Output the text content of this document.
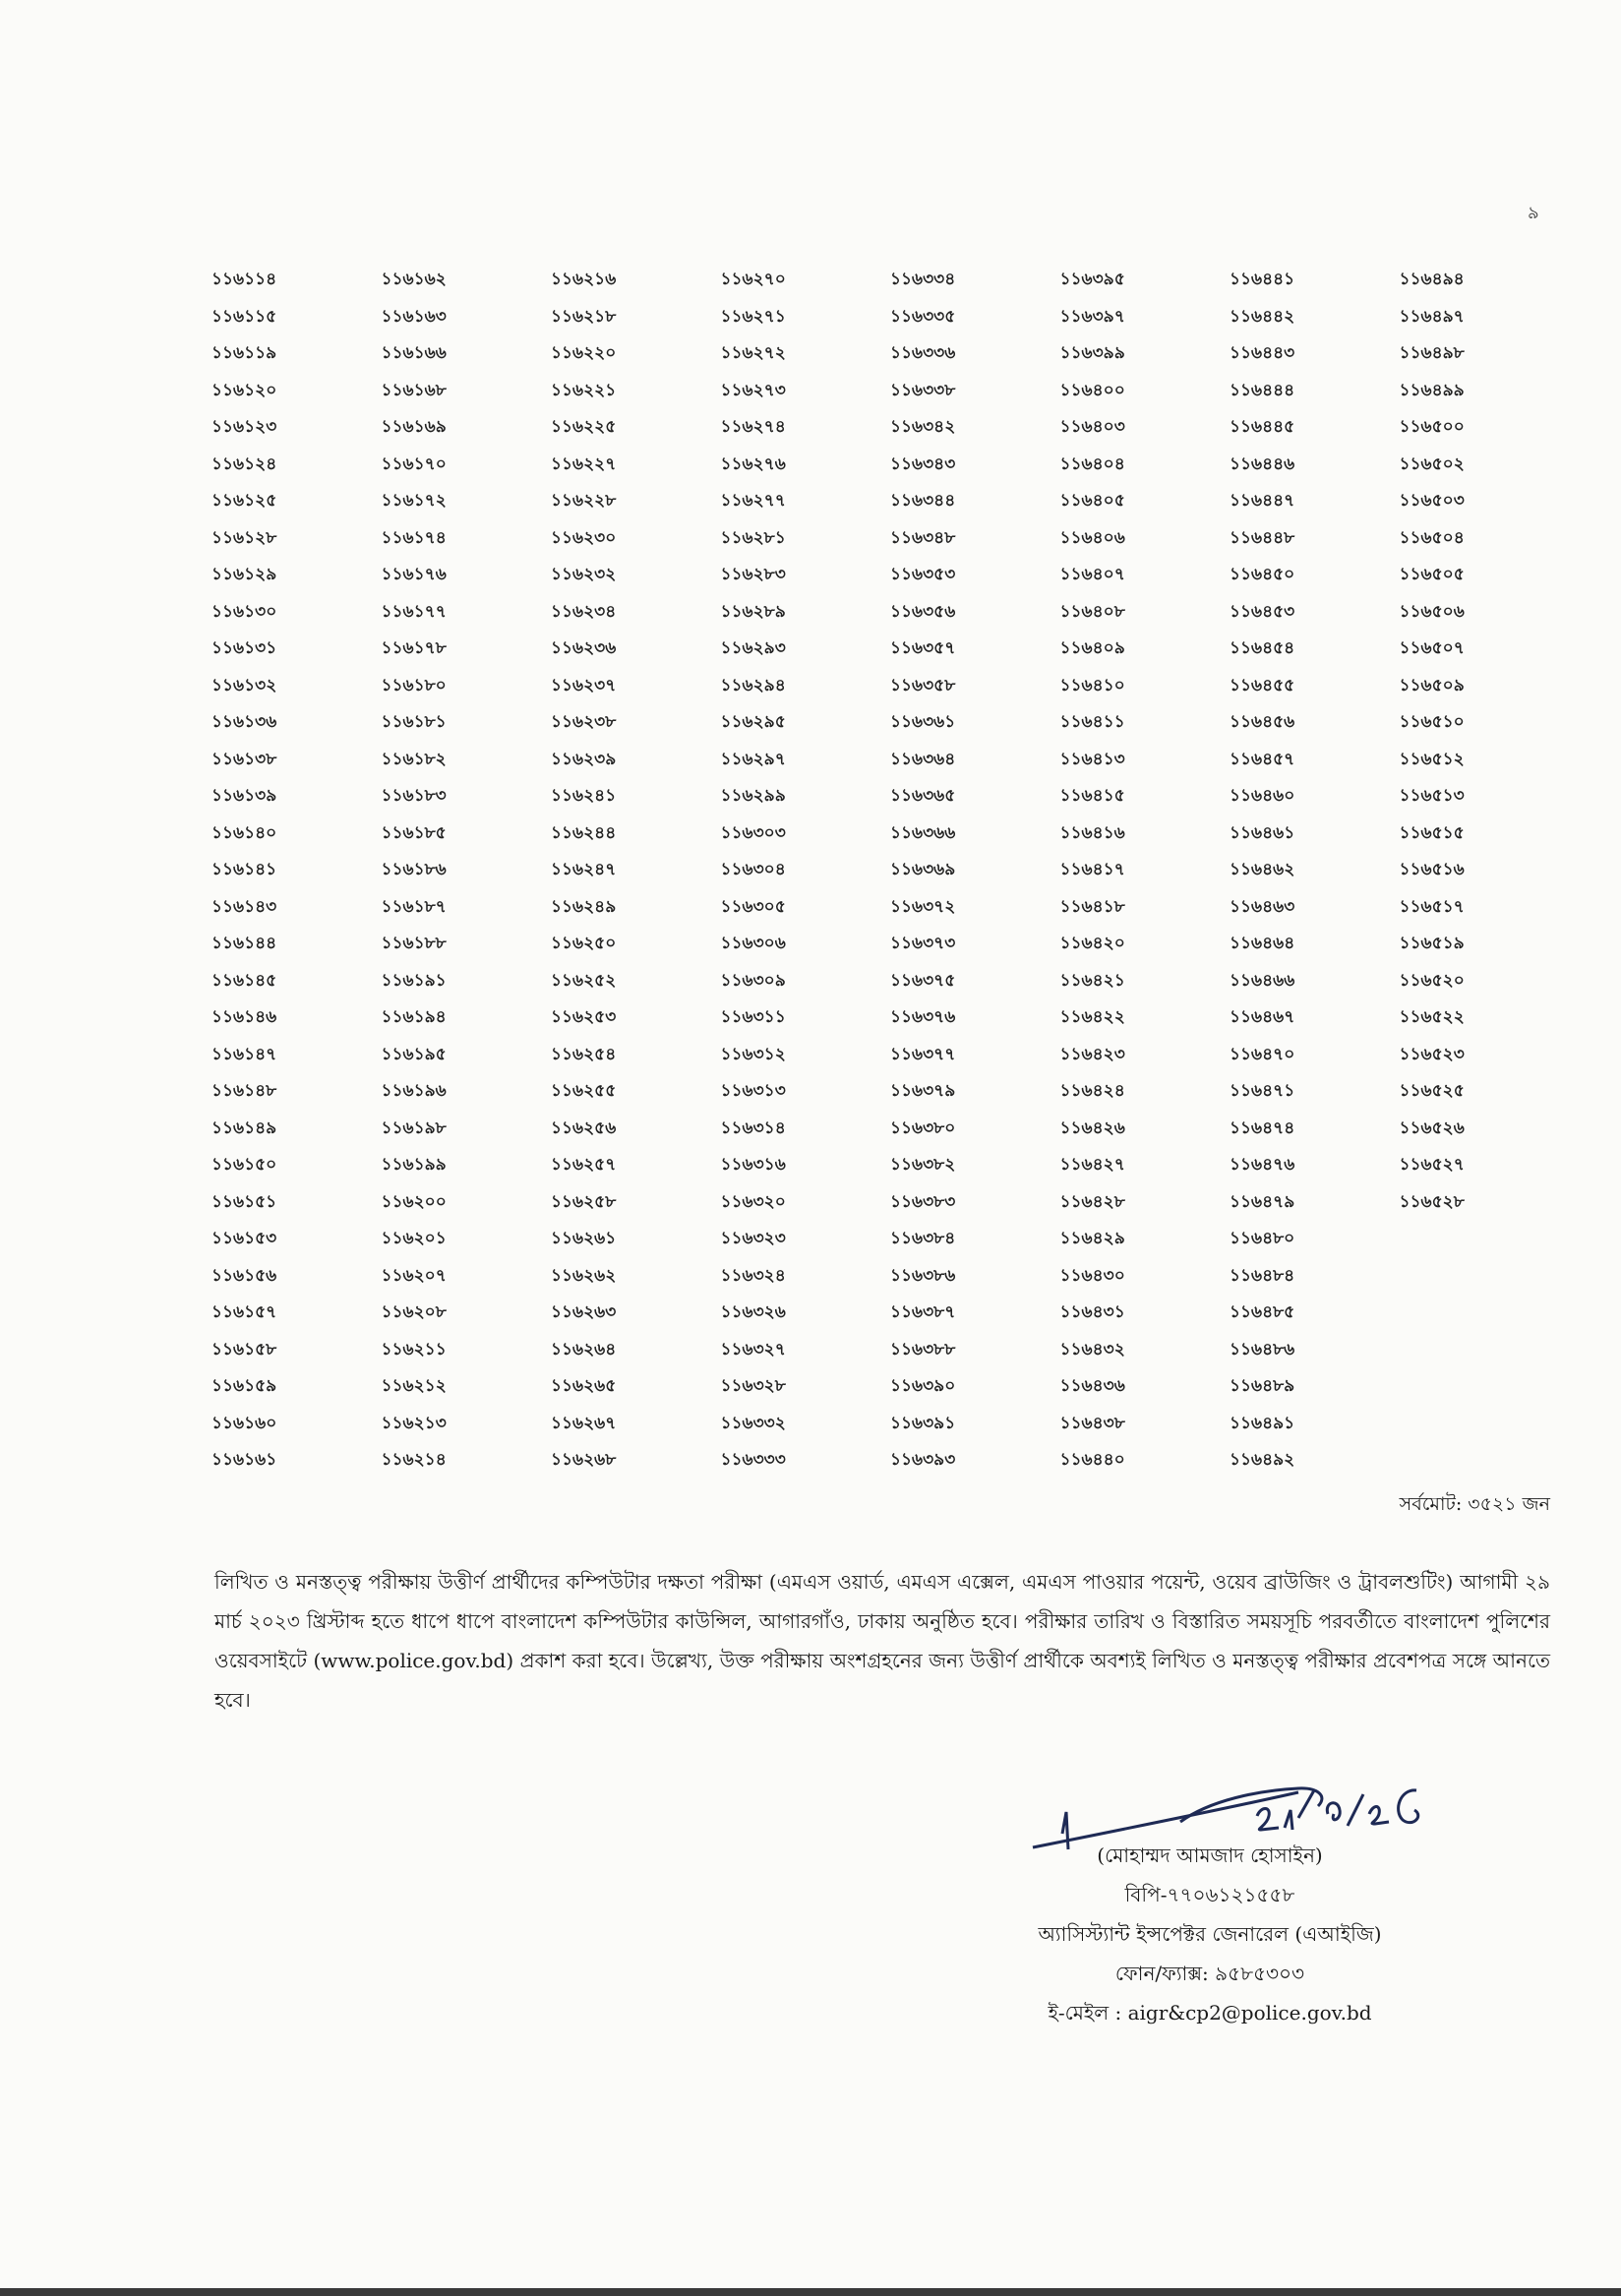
৯
১১৬১১৪
১১৬১১৫
১১৬১১৯
১১৬১২০
১১৬১২৩
১১৬১২৪
১১৬১২৫
১১৬১২৮
১১৬১২৯
১১৬১৩০
১১৬১৩১
১১৬১৩২
১১৬১৩৬
১১৬১৩৮
১১৬১৩৯
১১৬১৪০
১১৬১৪১
১১৬১৪৩
১১৬১৪৪
১১৬১৪৫
১১৬১৪৬
১১৬১৪৭
১১৬১৪৮
১১৬১৪৯
১১৬১৫০
১১৬১৫১
১১৬১৫৩
১১৬১৫৬
১১৬১৫৭
১১৬১৫৮
১১৬১৫৯
১১৬১৬০
১১৬১৬১
১১৬১৬২
১১৬১৬৩
১১৬১৬৬
১১৬১৬৮
১১৬১৬৯
১১৬১৭০
১১৬১৭২
১১৬১৭৪
১১৬১৭৬
১১৬১৭৭
১১৬১৭৮
১১৬১৮০
১১৬১৮১
১১৬১৮২
১১৬১৮৩
১১৬১৮৫
১১৬১৮৬
১১৬১৮৭
১১৬১৮৮
১১৬১৯১
১১৬১৯৪
১১৬১৯৫
১১৬১৯৬
১১৬১৯৮
১১৬১৯৯
১১৬২০০
১১৬২০১
১১৬২০৭
১১৬২০৮
১১৬২১১
১১৬২১২
১১৬২১৩
১১৬২১৪
১১৬২১৬
১১৬২১৮
১১৬২২০
১১৬২২১
১১৬২২৫
১১৬২২৭
১১৬২২৮
১১৬২৩০
১১৬২৩২
১১৬২৩৪
১১৬২৩৬
১১৬২৩৭
১১৬২৩৮
১১৬২৩৯
১১৬২৪১
১১৬২৪৪
১১৬২৪৭
১১৬২৪৯
১১৬২৫০
১১৬২৫২
১১৬২৫৩
১১৬২৫৪
১১৬২৫৫
১১৬২৫৬
১১৬২৫৭
১১৬২৫৮
১১৬২৬১
১১৬২৬২
১১৬২৬৩
১১৬২৬৪
১১৬২৬৫
১১৬২৬৭
১১৬২৬৮
১১৬২৭০
১১৬২৭১
১১৬২৭২
১১৬২৭৩
১১৬২৭৪
১১৬২৭৬
১১৬২৭৭
১১৬২৮১
১১৬২৮৩
১১৬২৮৯
১১৬২৯৩
১১৬২৯৪
১১৬২৯৫
১১৬২৯৭
১১৬২৯৯
১১৬৩০৩
১১৬৩০৪
১১৬৩০৫
১১৬৩০৬
১১৬৩০৯
১১৬৩১১
১১৬৩১২
১১৬৩১৩
১১৬৩১৪
১১৬৩১৬
১১৬৩২০
১১৬৩২৩
১১৬৩২৪
১১৬৩২৬
১১৬৩২৭
১১৬৩২৮
১১৬৩৩২
১১৬৩৩৩
১১৬৩৩৪
১১৬৩৩৫
১১৬৩৩৬
১১৬৩৩৮
১১৬৩৪২
১১৬৩৪৩
১১৬৩৪৪
১১৬৩৪৮
১১৬৩৫৩
১১৬৩৫৬
১১৬৩৫৭
১১৬৩৫৮
১১৬৩৬১
১১৬৩৬৪
১১৬৩৬৫
১১৬৩৬৬
১১৬৩৬৯
১১৬৩৭২
১১৬৩৭৩
১১৬৩৭৫
১১৬৩৭৬
১১৬৩৭৭
১১৬৩৭৯
১১৬৩৮০
১১৬৩৮২
১১৬৩৮৩
১১৬৩৮৪
১১৬৩৮৬
১১৬৩৮৭
১১৬৩৮৮
১১৬৩৯০
১১৬৩৯১
১১৬৩৯৩
১১৬৩৯৫
১১৬৩৯৭
১১৬৩৯৯
১১৬৪০০
১১৬৪০৩
১১৬৪০৪
১১৬৪০৫
১১৬৪০৬
১১৬৪০৭
১১৬৪০৮
১১৬৪০৯
১১৬৪১০
১১৬৪১১
১১৬৪১৩
১১৬৪১৫
১১৬৪১৬
১১৬৪১৭
১১৬৪১৮
১১৬৪২০
১১৬৪২১
১১৬৪২২
১১৬৪২৩
১১৬৪২৪
১১৬৪২৬
১১৬৪২৭
১১৬৪২৮
১১৬৪২৯
১১৬৪৩০
১১৬৪৩১
১১৬৪৩২
১১৬৪৩৬
১১৬৪৩৮
১১৬৪৪০
১১৬৪৪১
১১৬৪৪২
১১৬৪৪৩
১১৬৪৪৪
১১৬৪৪৫
১১৬৪৪৬
১১৬৪৪৭
১১৬৪৪৮
১১৬৪৫০
১১৬৪৫৩
১১৬৪৫৪
১১৬৪৫৫
১১৬৪৫৬
১১৬৪৫৭
১১৬৪৬০
১১৬৪৬১
১১৬৪৬২
১১৬৪৬৩
১১৬৪৬৪
১১৬৪৬৬
১১৬৪৬৭
১১৬৪৭০
১১৬৪৭১
১১৬৪৭৪
১১৬৪৭৬
১১৬৪৭৯
১১৬৪৮০
১১৬৪৮৪
১১৬৪৮৫
১১৬৪৮৬
১১৬৪৮৯
১১৬৪৯১
১১৬৪৯২
১১৬৪৯৪
১১৬৪৯৭
১১৬৪৯৮
১১৬৪৯৯
১১৬৫০০
১১৬৫০২
১১৬৫০৩
১১৬৫০৪
১১৬৫০৫
১১৬৫০৬
১১৬৫০৭
১১৬৫০৯
১১৬৫১০
১১৬৫১২
১১৬৫১৩
১১৬৫১৫
১১৬৫১৬
১১৬৫১৭
১১৬৫১৯
১১৬৫২০
১১৬৫২২
১১৬৫২৩
১১৬৫২৫
১১৬৫২৬
১১৬৫২৭
১১৬৫২৮
সর্বমোট: ৩৫২১ জন

লিখিত ও মনস্তত্ত্ব পরীক্ষায় উত্তীর্ণ প্রার্থীদের কম্পিউটার দক্ষতা পরীক্ষা (এমএস ওয়ার্ড, এমএস এক্সেল, এমএস পাওয়ার পয়েন্ট, ওয়েব ব্রাউজিং ও ট্রাবলশুটিং) আগামী ২৯ মার্চ ২০২৩ খ্রিস্টাব্দ হতে ধাপে ধাপে বাংলাদেশ কম্পিউটার কাউন্সিল, আগারগাঁও, ঢাকায় অনুষ্ঠিত হবে। পরীক্ষার তারিখ ও বিস্তারিত সময়সূচি পরবর্তীতে বাংলাদেশ পুলিশের ওয়েবসাইটে (www.police.gov.bd) প্রকাশ করা হবে। উল্লেখ্য, উক্ত পরীক্ষায় অংশগ্রহনের জন্য উত্তীর্ণ প্রার্থীকে অবশ্যই লিখিত ও মনস্তত্ত্ব পরীক্ষার প্রবেশপত্র সঙ্গে আনতে হবে।

(মোহাম্মদ আমজাদ হোসাইন)
বিপি-৭৭০৬১২১৫৫৮
অ্যাসিস্ট্যান্ট ইন্সপেক্টর জেনারেল (এআইজি)
ফোন/ফ্যাক্স: ৯৫৮৫৩০৩
ই-মেইল : aigr&cp2@police.gov.bd
